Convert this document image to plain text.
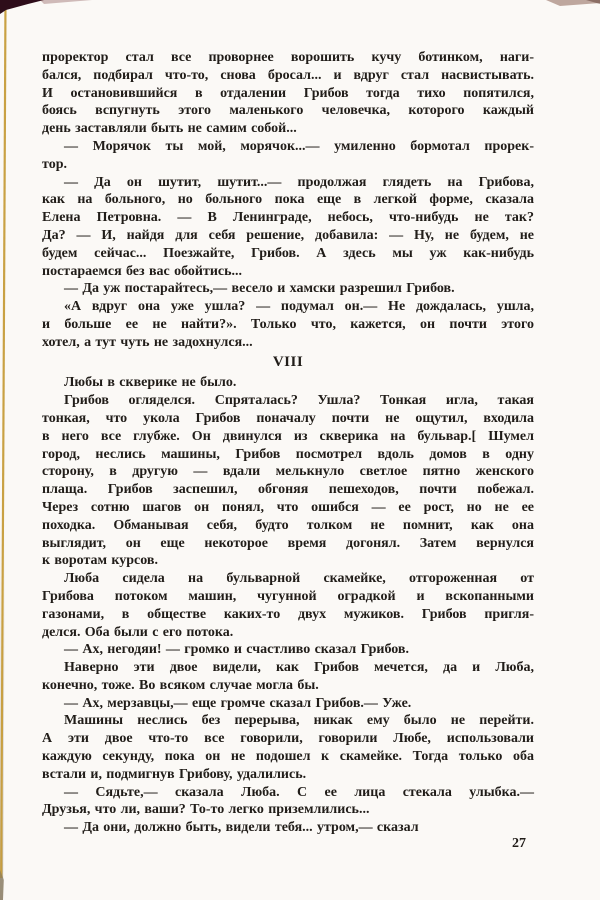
проректор стал все проворнее ворошить кучу ботинком, наги-
бался, подбирал что-то, снова бросал... и вдруг стал насвистывать.
И остановившийся в отдалении Грибов тогда тихо попятился,
боясь вспугнуть этого маленького человечка, которого каждый
день заставляли быть не самим собой...
— Морячок ты мой, морячок...— умиленно бормотал прорек-
тор.
— Да он шутит, шутит...— продолжая глядеть на Грибова,
как на больного, но больного пока еще в легкой форме, сказала
Елена Петровна. — В Ленинграде, небось, что-нибудь не так?
Да? — И, найдя для себя решение, добавила: — Ну, не будем, не
будем сейчас... Поезжайте, Грибов. А здесь мы уж как-нибудь
постараемся без вас обойтись...
— Да уж постарайтесь,— весело и хамски разрешил Грибов.
«А вдруг она уже ушла? — подумал он.— Не дождалась, ушла,
и больше ее не найти?». Только что, кажется, он почти этого
хотел, а тут чуть не задохнулся...
VIII
Любы в скверике не было.
Грибов огляделся. Спряталась? Ушла? Тонкая игла, такая
тонкая, что укола Грибов поначалу почти не ощутил, входила
в него все глубже. Он двинулся из скверика на бульвар.[ Шумел
город, неслись машины, Грибов посмотрел вдоль домов в одну
сторону, в другую — вдали мелькнуло светлое пятно женского
плаща. Грибов заспешил, обгоняя пешеходов, почти побежал.
Через сотню шагов он понял, что ошибся — ее рост, но не ее
походка. Обманывая себя, будто толком не помнит, как она
выглядит, он еще некоторое время догонял. Затем вернулся
к воротам курсов.
Люба сидела на бульварной скамейке, отгороженная от
Грибова потоком машин, чугунной оградкой и вскопанными
газонами, в обществе каких-то двух мужиков. Грибов пригля-
делся. Оба были с его потока.
— Ах, негодяи! — громко и счастливо сказал Грибов.
Наверно эти двое видели, как Грибов мечется, да и Люба,
конечно, тоже. Во всяком случае могла бы.
— Ах, мерзавцы,— еще громче сказал Грибов.— Уже.
Машины неслись без перерыва, никак ему было не перейти.
А эти двое что-то все говорили, говорили Любе, использовали
каждую секунду, пока он не подошел к скамейке. Тогда только оба
встали и, подмигнув Грибову, удалились.
— Сядьте,— сказала Люба. С ее лица стекала улыбка.—
Друзья, что ли, ваши? То-то легко приземлились...
— Да они, должно быть, видели тебя... утром,— сказал
27
